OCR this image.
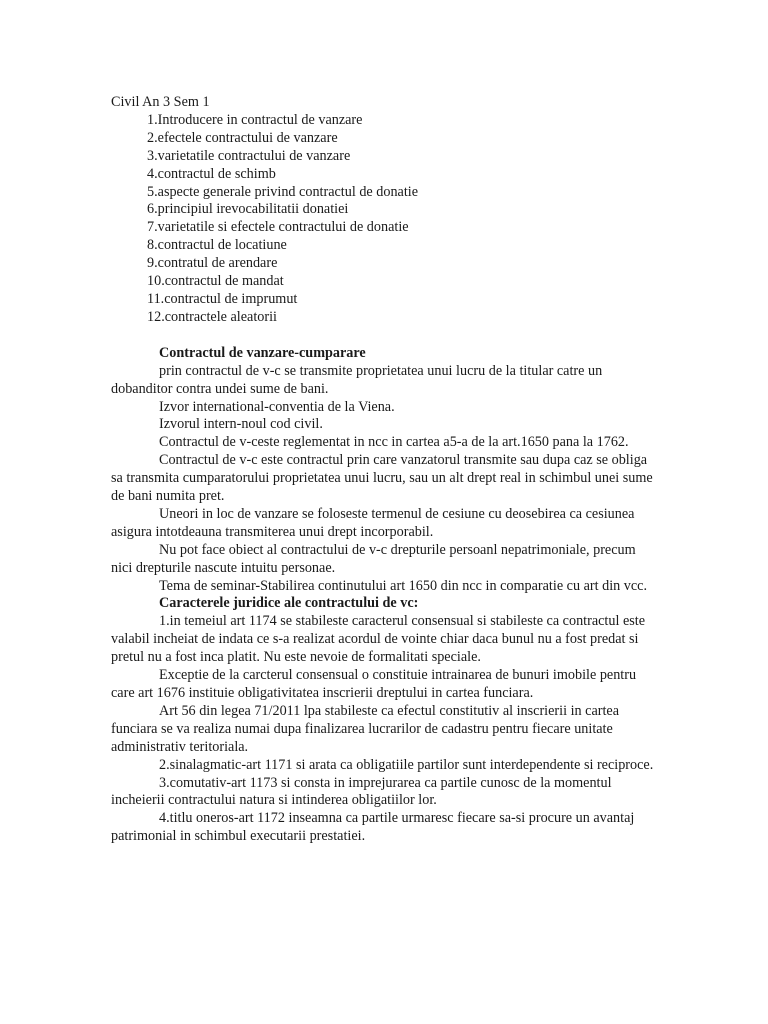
Civil An 3 Sem 1

1.Introducere in contractul de vanzare
2.efectele contractului de vanzare
3.varietatile contractului de vanzare
4.contractul de schimb
5.aspecte generale privind contractul de donatie
6.principiul irevocabilitatii donatiei
7.varietatile si efectele contractului de donatie
8.contractul de locatiune
9.contratul de arendare
10.contractul de mandat
11.contractul de imprumut
12.contractele aleatorii

Contractul de vanzare-cumparare

prin contractul de v-c se transmite proprietatea unui lucru de la titular catre un dobanditor contra undei sume de bani.

Izvor international-conventia de la Viena.

Izvorul intern-noul cod civil.

Contractul de v-ceste reglementat in ncc in cartea a5-a de la art.1650 pana la 1762.

Contractul de v-c este contractul prin care vanzatorul transmite sau dupa caz se obliga sa transmita cumparatorului proprietatea unui lucru, sau un alt drept real in schimbul unei sume de bani numita pret.

Uneori in loc de vanzare se foloseste termenul de cesiune cu deosebirea ca cesiunea asigura intotdeauna transmiterea unui drept incorporabil.

Nu pot face obiect al contractului de v-c drepturile persoanl nepatrimoniale, precum nici drepturile nascute intuitu personae.

Tema de seminar-Stabilirea continutului art 1650 din ncc in comparatie cu art din vcc.

Caracterele juridice ale contractului de vc:

1.in temeiul art 1174 se stabileste caracterul consensual si stabileste ca contractul este valabil incheiat de indata ce s-a realizat acordul de vointe chiar daca bunul nu a fost predat si pretul nu a fost inca platit. Nu este nevoie de formalitati speciale.

Exceptie de la carcterul consensual o constituie intrainarea de bunuri imobile pentru care art 1676 instituie obligativitatea inscrierii dreptului in cartea funciara.

Art 56 din legea 71/2011 lpa stabileste ca efectul constitutiv al inscrierii in cartea funciara se va realiza numai dupa finalizarea lucrarilor de cadastru pentru fiecare unitate administrativ teritoriala.

2.sinalagmatic-art 1171 si arata ca obligatiile partilor sunt interdependente si reciproce.

3.comutativ-art 1173 si consta in imprejurarea ca partile cunosc de la momentul incheierii contractului natura si intinderea obligatiilor lor.

4.titlu oneros-art 1172 inseamna ca partile urmaresc fiecare sa-si procure un avantaj patrimonial in schimbul executarii prestatiei.
